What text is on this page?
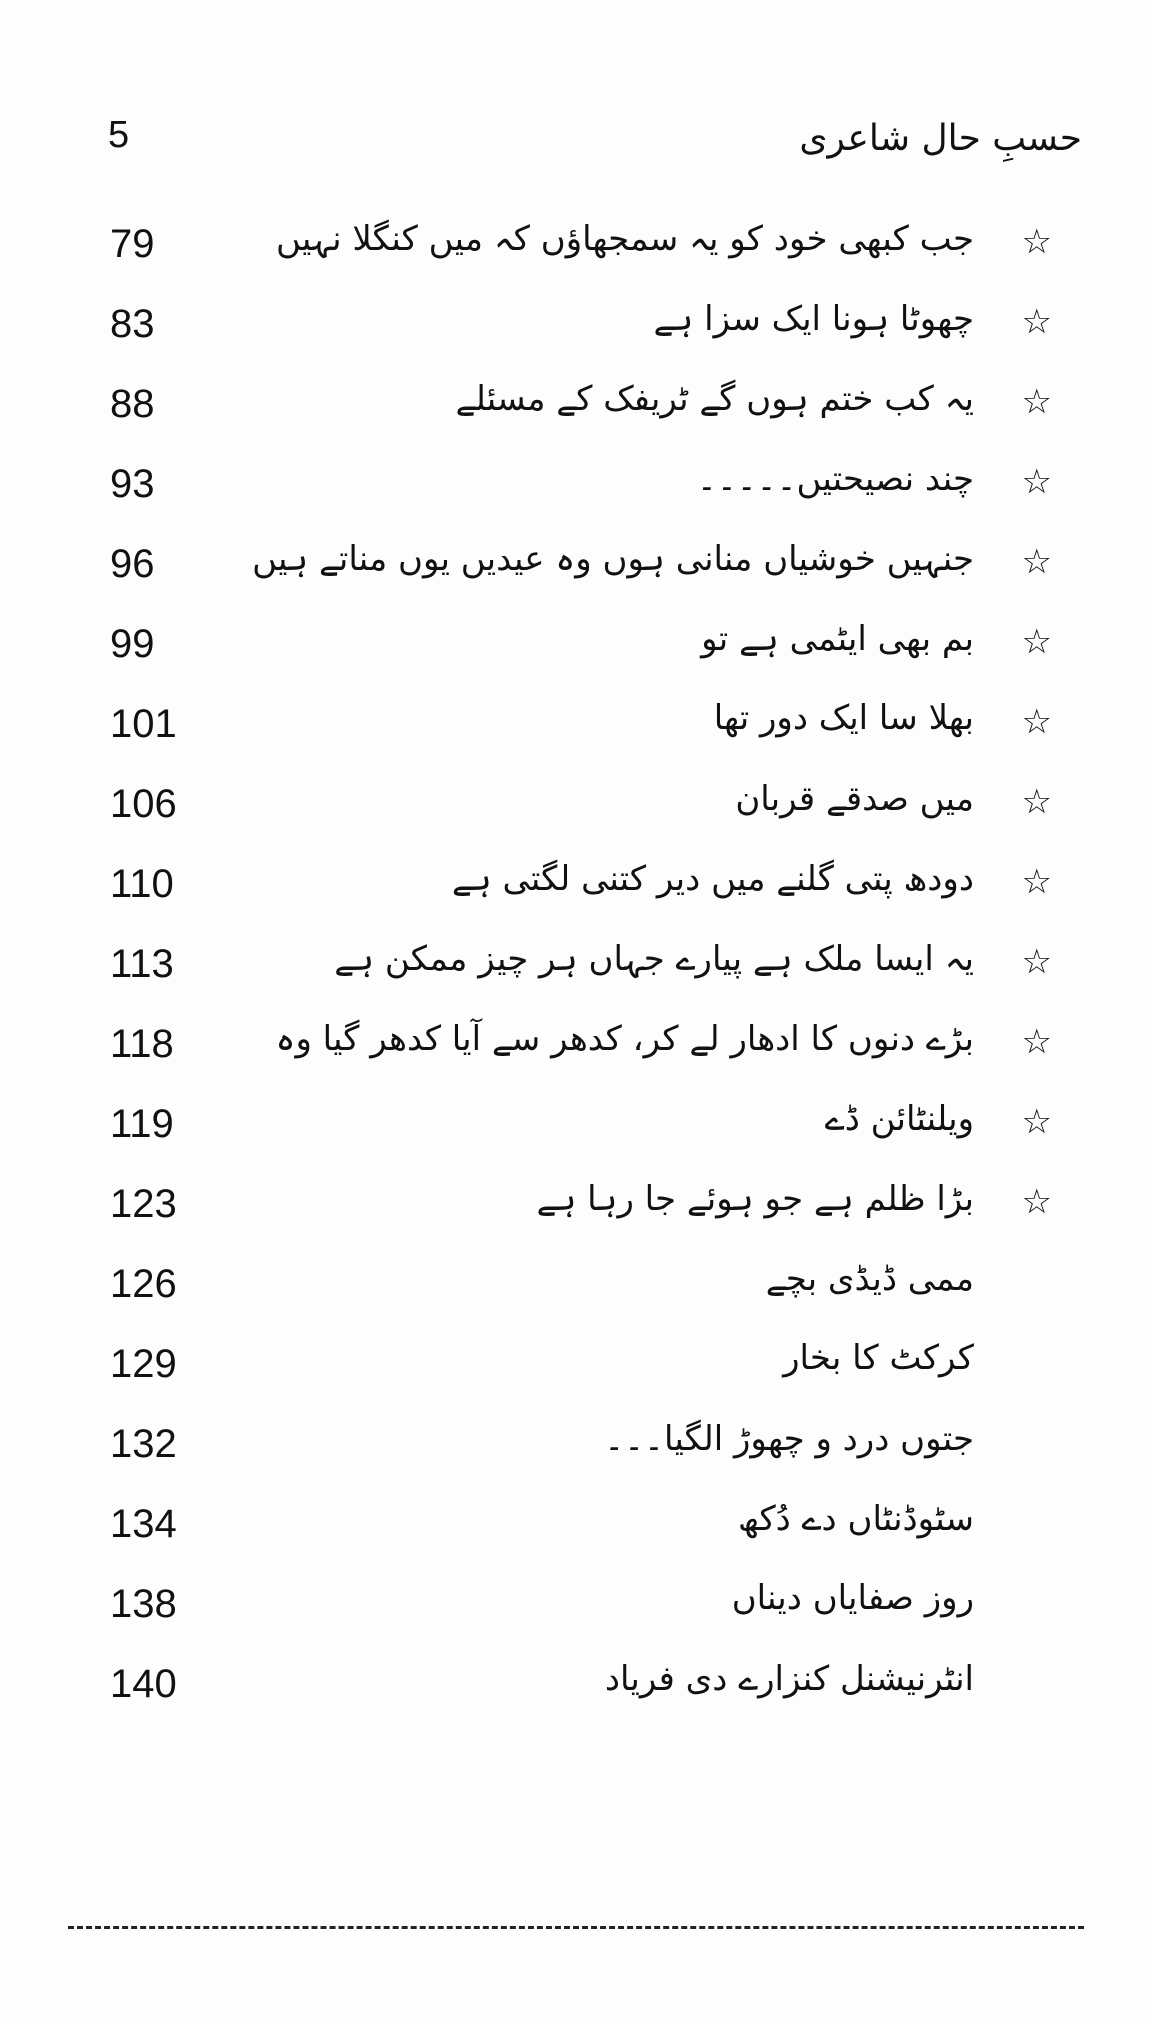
حسبِ حال شاعری
5
79	جب کبھی خود کو یہ سمجھاؤں کہ میں کنگلا نہیں ☆
83	چھوٹا ہونا ایک سزا ہے ☆
88	یہ کب ختم ہوں گے ٹریفک کے مسئلے ☆
93	چند نصیحتیں۔۔۔۔۔ ☆
96	جنہیں خوشیاں منانی ہوں وہ عیدیں یوں مناتے ہیں ☆
99	بم بھی ایٹمی ہے تو ☆
101	بھلا سا ایک دور تھا ☆
106	میں صدقے قربان ☆
110	دودھ پتی گلنے میں دیر کتنی لگتی ہے ☆
113	یہ ایسا ملک ہے پیارے جہاں ہر چیز ممکن ہے ☆
118	بڑے دنوں کا ادھار لے کر، کدھر سے آیا کدھر گیا وہ ☆
119	ویلنٹائن ڈے ☆
123	بڑا ظلم ہے جو ہوئے جا رہا ہے ☆
126	ممی ڈیڈی بچے
129	کرکٹ کا بخار
132	جتوں درد و چھوڑ الگیا۔۔۔
134	سٹوڈنٹاں دے دُکھ
138	روز صفایاں دیناں
140	انٹرنیشنل کنزارے دی فریاد
